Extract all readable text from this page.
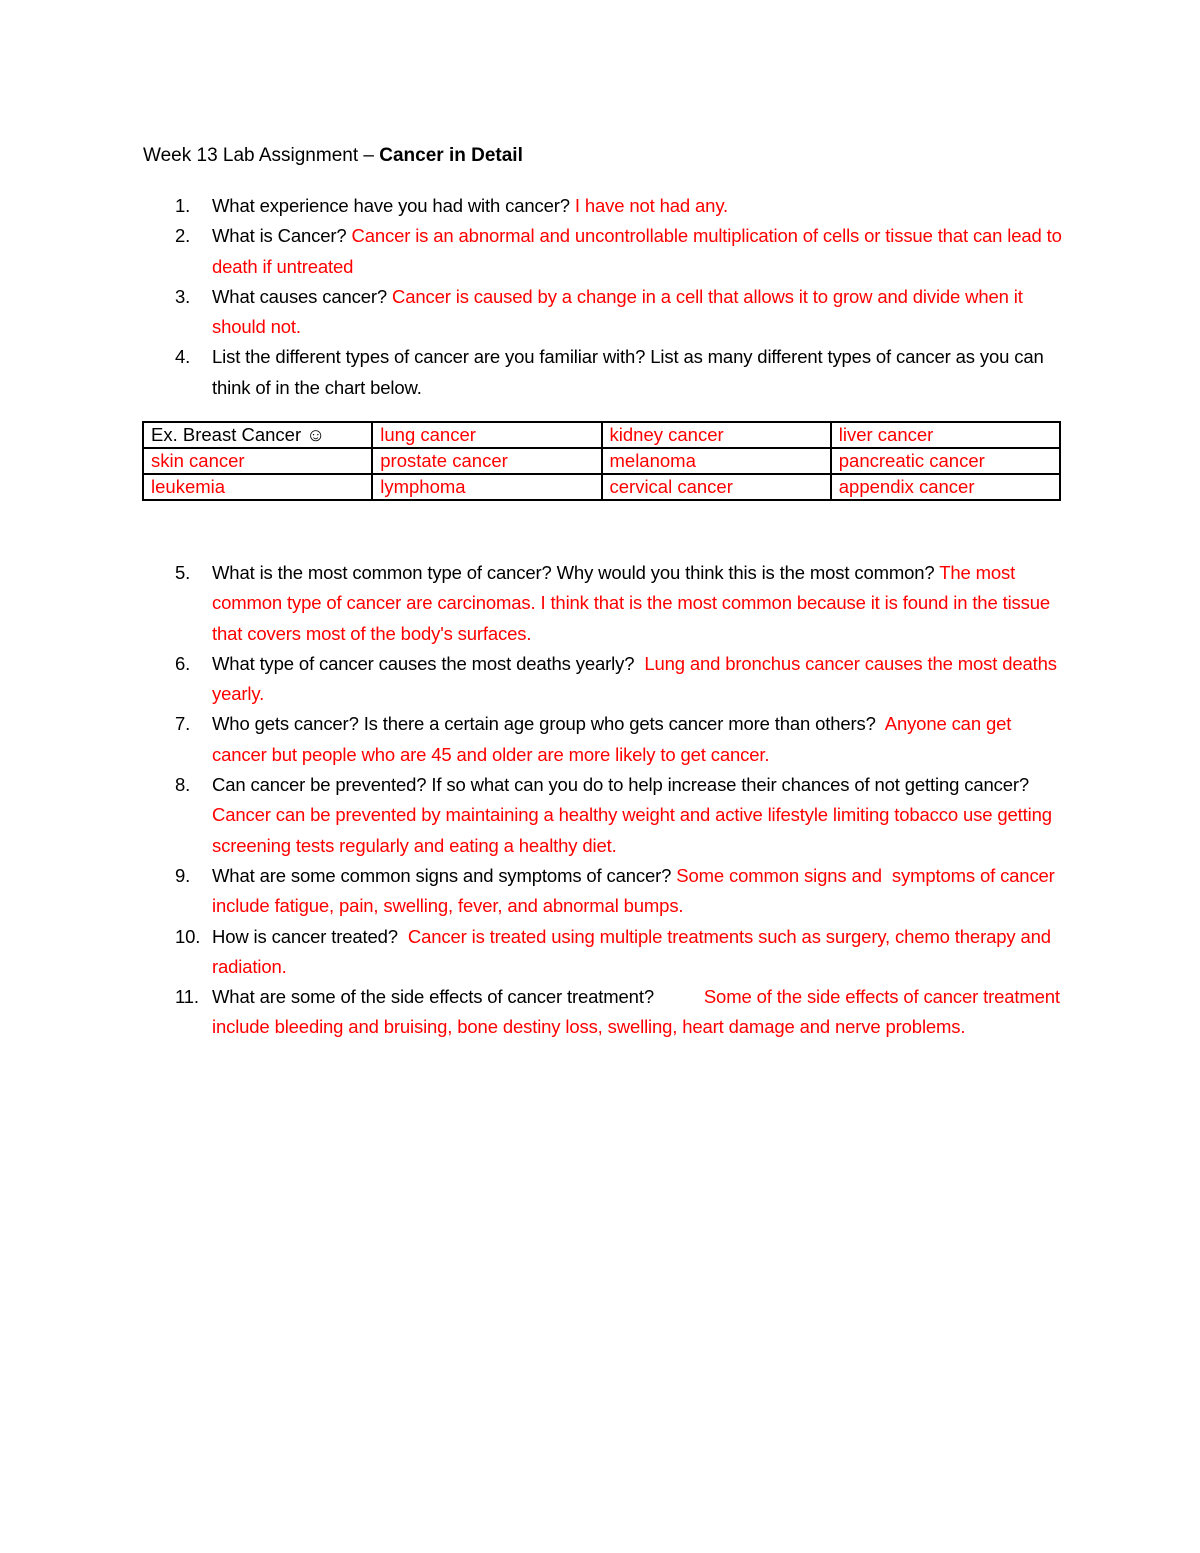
Week 13 Lab Assignment – Cancer in Detail
1. What experience have you had with cancer? I have not had any.
2. What is Cancer? Cancer is an abnormal and uncontrollable multiplication of cells or tissue that can lead to death if untreated
3. What causes cancer? Cancer is caused by a change in a cell that allows it to grow and divide when it should not.
4. List the different types of cancer are you familiar with? List as many different types of cancer as you can think of in the chart below.
Ex. Breast Cancer ☺	lung cancer	kidney cancer	liver cancer
skin cancer	prostate cancer	melanoma	pancreatic cancer
leukemia	lymphoma	cervical cancer	appendix cancer
5. What is the most common type of cancer? Why would you think this is the most common? The most common type of cancer are carcinomas. I think that is the most common because it is found in the tissue that covers most of the body's surfaces.
6. What type of cancer causes the most deaths yearly?  Lung and bronchus cancer causes the most deaths yearly.
7. Who gets cancer? Is there a certain age group who gets cancer more than others?  Anyone can get cancer but people who are 45 and older are more likely to get cancer.
8. Can cancer be prevented? If so what can you do to help increase their chances of not getting cancer?          Cancer can be prevented by maintaining a healthy weight and active lifestyle limiting tobacco use getting screening tests regularly and eating a healthy diet.
9. What are some common signs and symptoms of cancer? Some common signs and  symptoms of cancer include fatigue, pain, swelling, fever, and abnormal bumps.
10. How is cancer treated?  Cancer is treated using multiple treatments such as surgery, chemo therapy and radiation.
11. What are some of the side effects of cancer treatment?          Some of the side effects of cancer treatment include bleeding and bruising, bone destiny loss, swelling, heart damage and nerve problems.
